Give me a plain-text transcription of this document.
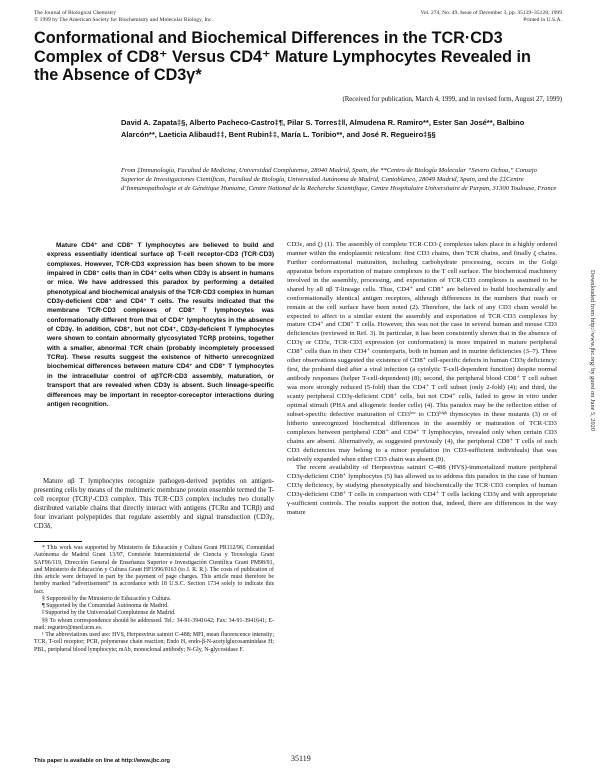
The Journal of Biological Chemistry
© 1999 by The American Society for Biochemistry and Molecular Biology, Inc.
Vol. 274, No. 49, Issue of December 3, pp. 35119–35128, 1999
Printed in U.S.A.
Conformational and Biochemical Differences in the TCR·CD3 Complex of CD8⁺ Versus CD4⁺ Mature Lymphocytes Revealed in the Absence of CD3γ*
(Received for publication, March 4, 1999, and in revised form, August 27, 1999)
David A. Zapata‡§, Alberto Pacheco-Castro‡¶, Pilar S. Torres‡‖, Almudena R. Ramiro**, Ester San José**, Balbino Alarcón**, Laeticia Alibaud‡‡, Bent Rubin‡‡, María L. Toribio**, and José R. Regueiro‡§§
From ‡Inmunología, Facultad de Medicina, Universidad Complutense, 28040 Madrid, Spain, the **Centro de Biología Molecular “Severo Ochoa,” Consejo Superior de Investigaciones Científicas, Facultad de Biología, Universidad Autónoma de Madrid, Cantoblanco, 28049 Madrid, Spain, and the ‡‡Centre d’Immunopathologie et de Génétique Humaine, Centre National de la Recherche Scientifique, Centre Hospitalaire Universitaire de Purpan, 31300 Toulouse, France
Mature CD4⁺ and CD8⁺ T lymphocytes are believed to build and express essentially identical surface αβ T-cell receptor-CD3 (TCR·CD3) complexes. However, TCR·CD3 expression has been shown to be more impaired in CD8⁺ cells than in CD4⁺ cells when CD3γ is absent in humans or mice. We have addressed this paradox by performing a detailed phenotypical and biochemical analysis of the TCR·CD3 complex in human CD3γ-deficient CD8⁺ and CD4⁺ T cells. The results indicated that the membrane TCR·CD3 complexes of CD8⁺ T lymphocytes was conformationally different from that of CD4⁺ lymphocytes in the absence of CD3γ. In addition, CD8⁺, but not CD4⁺, CD3γ-deficient T lymphocytes were shown to contain abnormally glycosylated TCRβ proteins, together with a smaller, abnormal TCR chain (probably incompletely processed TCRα). These results suggest the existence of hitherto unrecognized biochemical differences between mature CD4⁺ and CD8⁺ T lymphocytes in the intracellular control of αβTCR·CD3 assembly, maturation, or transport that are revealed when CD3γ is absent. Such lineage-specific differences may be important in receptor-coreceptor interactions during antigen recognition.
Mature αβ T lymphocytes recognize pathogen-derived peptides on antigen-presenting cells by means of the multimeric membrane protein ensemble termed the T-cell receptor (TCR)¹-CD3 complex. This TCR·CD3 complex includes two clonally distributed variable chains that directly interact with antigens (TCRα and TCRβ) and four invariant polypeptides that regulate assembly and signal transduction (CD3γ, CD3δ,

* This work was supported by Ministerio de Educación y Cultura Grant PR112/96, Comunidad Autónoma de Madrid Grant 13/97, Comisión Interministerial de Ciencia y Tecnología Grant SAF96/119, Dirección General de Enseñanza Superior e Investigación Científica Grant PM98/91, and Ministerio de Educación y Cultura Grant HF1996/0163 (to J. R. R.). The costs of publication of this article were defrayed in part by the payment of page charges. This article must therefore be hereby marked “advertisement” in accordance with 18 U.S.C. Section 1734 solely to indicate this fact.

§ Supported by the Ministerio de Educación y Cultura.

¶ Supported by the Comunidad Autónoma de Madrid.

‖ Supported by the Universidad Complutense de Madrid.

§§ To whom correspondence should be addressed. Tel.: 34-91-3941642; Fax: 34-91-3941641; E-mail: regueiro@med.ucm.es.

¹ The abbreviations used are: HVS, Herpesvirus saimiri C-488; MFI, mean fluorescence intensity; TCR, T-cell receptor; PCR, polymerase chain reaction; Endo H, endo-β-N-acetylglucosaminidase H; PBL, peripheral blood lymphocyte; mAb, monoclonal antibody; N-Gly, N-glycosidase F.

CD3ε, and ζ) (1). The assembly of complete TCR·CD3·ζ complexes takes place in a highly ordered manner within the endoplasmic reticulum: first CD3 chains, then TCR chains, and finally ζ chains. Further conformational maturation, including carbohydrate processing, occurs in the Golgi apparatus before exportation of mature complexes to the T cell surface. The biochemical machinery involved in the assembly, processing, and exportation of TCR·CD3 complexes is assumed to be shared by all αβ T-lineage cells. Thus, CD4⁺ and CD8⁺ are believed to build biochemically and conformationally identical antigen receptors, although differences in the numbers that reach or remain at the cell surface have been noted (2). Therefore, the lack of any CD3 chain would be expected to affect to a similar extent the assembly and exportation of TCR·CD3 complexes by mature CD4⁺ and CD8⁺ T cells. However, this was not the case in several human and mouse CD3 deficiencies (reviewed in Ref. 3). In particular, it has been consistently shown that in the absence of CD3γ or CD3ε, TCR·CD3 expression (or conformation) is more impaired in mature peripheral CD8⁺ cells than in their CD4⁺ counterparts, both in human and in murine deficiencies (3–7). Three other observations suggested the existence of CD8⁺ cell-specific defects in human CD3γ deficiency: first, the proband died after a viral infection (a cytolytic T-cell-dependent function) despite normal antibody responses (helper T-cell-dependent) (8); second, the peripheral blood CD8⁺ T cell subset was more strongly reduced (5-fold) than the CD4⁺ T cell subset (only 2-fold) (4); and third, the scanty peripheral CD3γ-deficient CD8⁺ cells, but not CD4⁺ cells, failed to grow in vitro under optimal stimuli (PHA and allogeneic feeder cells) (4). This paradox may be the reflection either of subset-specific defective maturation of CD3ˡᵒʷ to CD3ʰⁱᵍʰ thymocytes in these mutants (3) or of hitherto unrecognized biochemical differences in the assembly or maturation of TCR·CD3 complexes between peripheral CD8⁺ and CD4⁺ T lymphocytes, revealed only when certain CD3 chains are absent. Alternatively, as suggested previously (4), the peripheral CD8⁺ T cells of such CD3 deficiencies may belong to a minor population (in CD3-sufficient individuals) that was relatively expanded when either CD3 chain was absent (9).

The recent availability of Herpesvirus saimiri C-488 (HVS)-immortalized mature peripheral CD3γ-deficient CD8⁺ lymphocytes (5) has allowed us to address this paradox in the case of human CD3γ deficiency, by studying phenotypically and biochemically the TCR·CD3 complex of human CD3γ-deficient CD8⁺ T cells in comparison with CD4⁺ T cells lacking CD3γ and with appropriate γ-sufficient controls. The results support the notion that, indeed, there are differences in the way mature

Downloaded from http://www.jbc.org/ by guest on June 5, 2020
This paper is available on line at http://www.jbc.org	35119
